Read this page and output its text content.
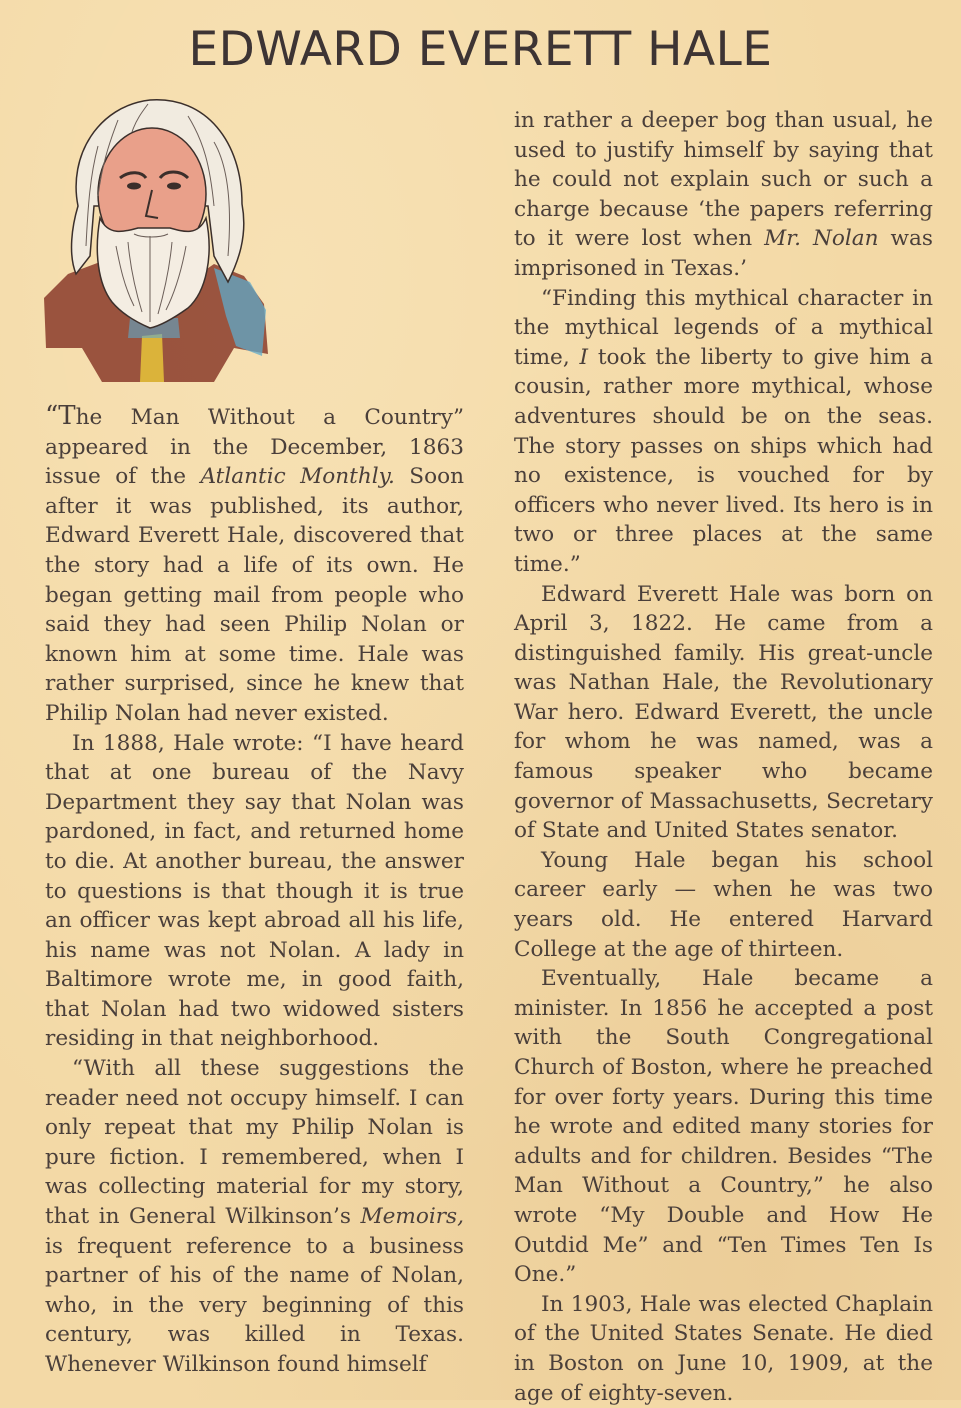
EDWARD EVERETT HALE

“The Man Without a Country” appeared in the December, 1863 issue of the Atlantic Monthly. Soon after it was published, its author, Edward Everett Hale, discovered that the story had a life of its own. He began getting mail from people who said they had seen Philip Nolan or known him at some time. Hale was rather surprised, since he knew that Philip Nolan had never existed.

In 1888, Hale wrote: “I have heard that at one bureau of the Navy Department they say that Nolan was pardoned, in fact, and returned home to die. At another bureau, the answer to questions is that though it is true an officer was kept abroad all his life, his name was not Nolan. A lady in Baltimore wrote me, in good faith, that Nolan had two widowed sisters residing in that neighborhood.

“With all these suggestions the reader need not occupy himself. I can only repeat that my Philip Nolan is pure fiction. I remembered, when I was collecting material for my story, that in General Wilkinson’s Memoirs, is frequent reference to a business partner of his of the name of Nolan, who, in the very beginning of this century, was killed in Texas. Whenever Wilkinson found himself

in rather a deeper bog than usual, he used to justify himself by saying that he could not explain such or such a charge because ‘the papers referring to it were lost when Mr. Nolan was imprisoned in Texas.’

“Finding this mythical character in the mythical legends of a mythical time, I took the liberty to give him a cousin, rather more mythical, whose adventures should be on the seas. The story passes on ships which had no existence, is vouched for by officers who never lived. Its hero is in two or three places at the same time.”

Edward Everett Hale was born on April 3, 1822. He came from a distinguished family. His great-uncle was Nathan Hale, the Revolutionary War hero. Edward Everett, the uncle for whom he was named, was a famous speaker who became governor of Massachusetts, Secretary of State and United States senator.

Young Hale began his school career early — when he was two years old. He entered Harvard College at the age of thirteen.

Eventually, Hale became a minister. In 1856 he accepted a post with the South Congregational Church of Boston, where he preached for over forty years. During this time he wrote and edited many stories for adults and for children. Besides “The Man Without a Country,” he also wrote “My Double and How He Outdid Me” and “Ten Times Ten Is One.”

In 1903, Hale was elected Chaplain of the United States Senate. He died in Boston on June 10, 1909, at the age of eighty-seven.
